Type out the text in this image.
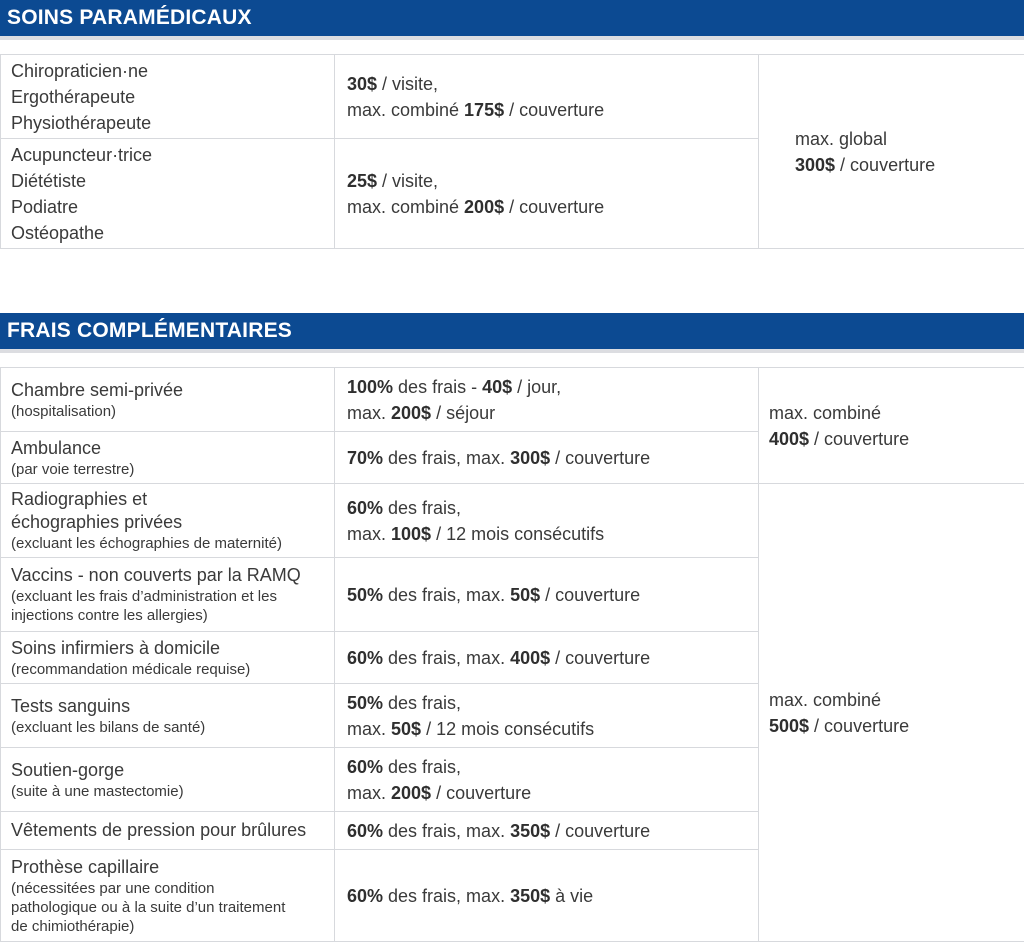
SOINS PARAMÉDICAUX
Chiropraticien·ne
Ergothérapeute
Physiothérapeute	30$ / visite,
max. combiné 175$ / couverture	max. global
300$ / couverture

Acupuncteur·trice
Diététiste
Podiatre
Ostéopathe	25$ / visite,
max. combiné 200$ / couverture	
FRAIS COMPLÉMENTAIRES
Chambre semi-privée
(hospitalisation)	100% des frais - 40$ / jour,
max. 200$ / séjour	max. combiné
400$ / couverture

Ambulance
(par voie terrestre)	70% des frais, max. 300$ / couverture	

Radiographies et
échographies privées
(excluant les échographies de maternité)	60% des frais,
max. 100$ / 12 mois consécutifs	max. combiné
500$ / couverture

Vaccins - non couverts par la RAMQ
(excluant les frais d’administration et les
injections contre les allergies)	50% des frais, max. 50$ / couverture	

Soins infirmiers à domicile
(recommandation médicale requise)	60% des frais, max. 400$ / couverture	

Tests sanguins
(excluant les bilans de santé)	50% des frais,
max. 50$ / 12 mois consécutifs	

Soutien-gorge
(suite à une mastectomie)	60% des frais,
max. 200$ / couverture	

Vêtements de pression pour brûlures	60% des frais, max. 350$ / couverture	

Prothèse capillaire
(nécessitées par une condition
pathologique ou à la suite d’un traitement
de chimiothérapie)	60% des frais, max. 350$ à vie	
